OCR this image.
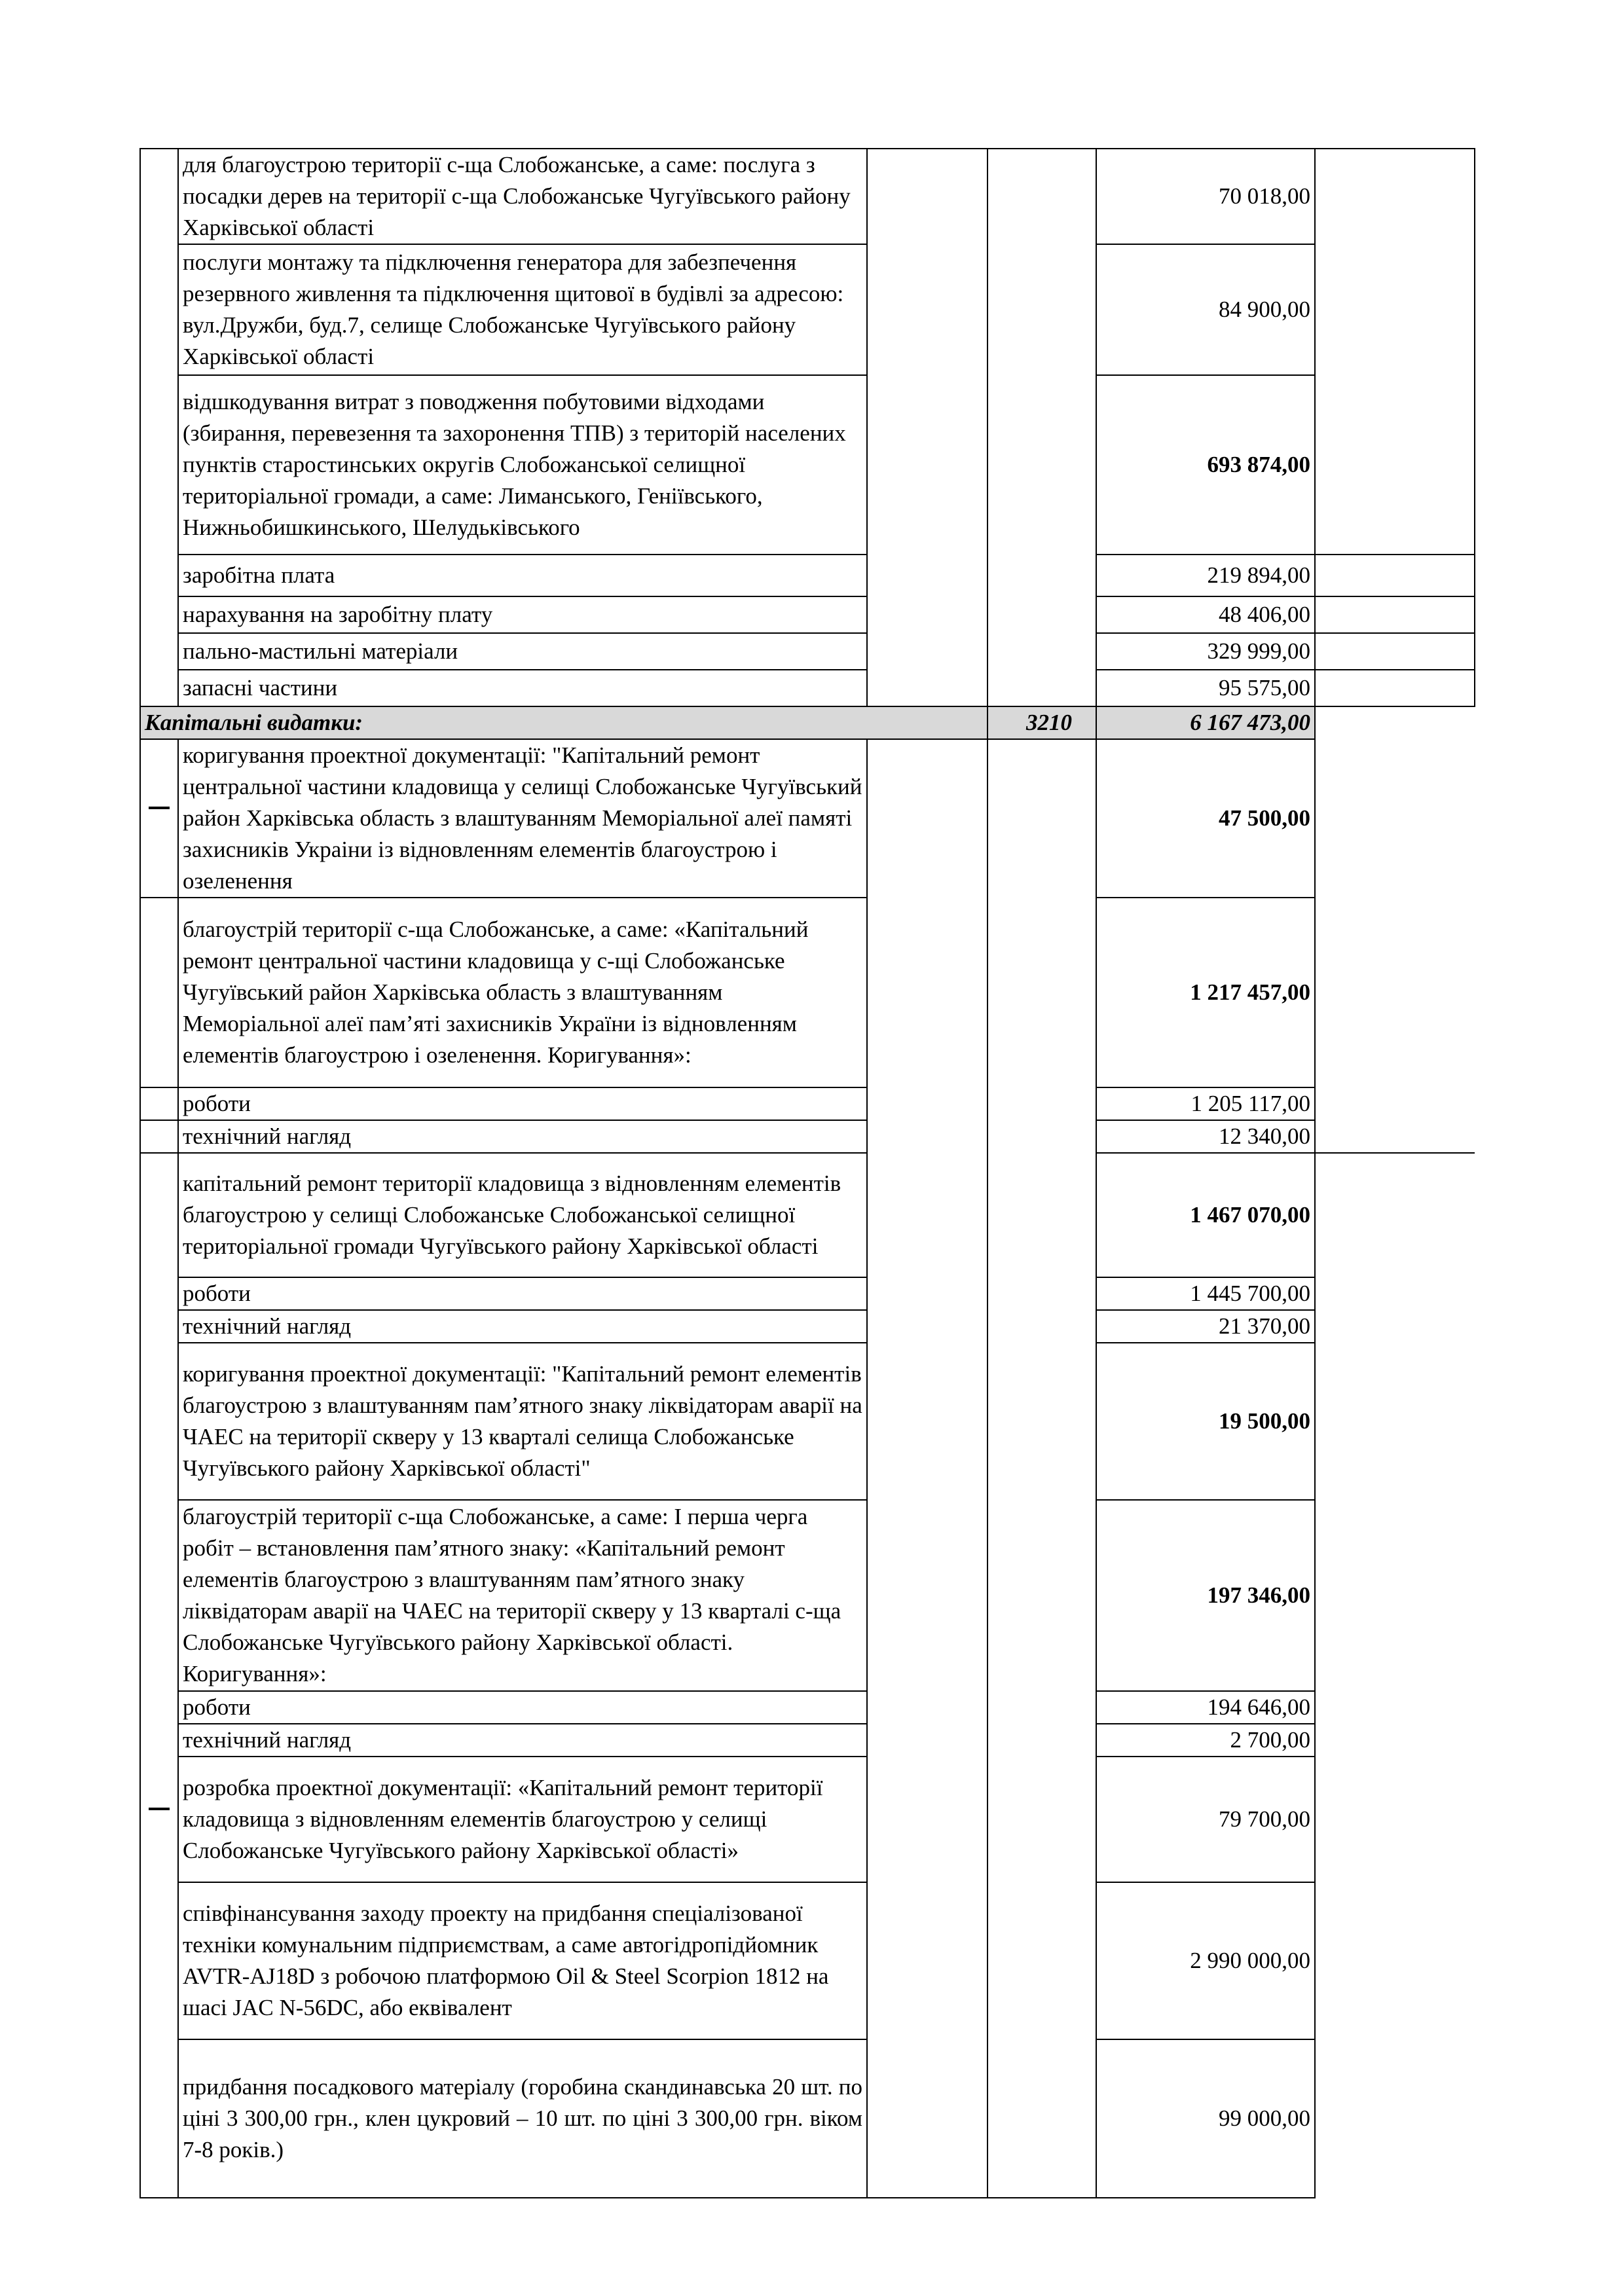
	для благоустрою території с-ща Слобожанське, а саме: послуга з посадки дерев на території с-ща Слобожанське Чугуївського району Харківської області			70 018,00	
	послуги монтажу та підключення генератора для забезпечення резервного живлення та підключення щитової в будівлі за адресою: вул.Дружби, буд.7, селище Слобожанське Чугуївського району Харківської області			84 900,00	
	відшкодування витрат з поводження побутовими відходами (збирання, перевезення та захоронення ТПВ) з територій населених пунктів старостинських округів Слобожанської селищної територіальної громади, а саме: Лиманського, Геніївського, Нижньобишкинського, Шелудьківського			693 874,00	
	заробітна плата			219 894,00	
	нарахування на заробітну плату			48 406,00	
	пально-мастильні матеріали			329 999,00	
	запасні частини			95 575,00	
Капітальні видатки:			3210	6 167 473,00	

	коригування проектної документації: "Капітальний ремонт центральної частини кладовища у селищі Слобожанське Чугуївський район Харківська область з влаштуванням Меморіальної алеї памяті захисників Украіни із відновленням елементів благоустрою і озеленення			47 500,00	
	благоустрій території с-ща Слобожанське, а саме: «Капітальний ремонт центральної частини кладовища у с-щі Слобожанське Чугуївський район Харківська область з влаштуванням Меморіальної алеї пам’яті захисників України із відновленням елементів благоустрою і озеленення. Коригування»:			1 217 457,00	
	роботи			1 205 117,00	
	технічний нагляд			12 340,00	
	капітальний ремонт території кладовища з відновленням елементів благоустрою у селищі Слобожанське Слобожанської селищної територіальної громади Чугуївського району Харківської області			1 467 070,00	
	роботи			1 445 700,00	
	технічний нагляд			21 370,00	
	коригування проектної документації: "Капітальний ремонт елементів благоустрою з влаштуванням пам’ятного знаку ліквідаторам аварії на ЧАЕС на території скверу у 13 кварталі селища Слобожанське Чугуївського району Харківської області"			19 500,00	
	благоустрій території с-ща Слобожанське, а саме: І перша черга робіт – встановлення пам’ятного знаку: «Капітальний ремонт елементів благоустрою з влаштуванням пам’ятного знаку ліквідаторам аварії на ЧАЕС на території скверу у 13 кварталі с-ща Слобожанське Чугуївського району Харківської області. Коригування»:			197 346,00	
	роботи			194 646,00	
	технічний нагляд			2 700,00	

	розробка проектної документації: «Капітальний ремонт території кладовища з відновленням елементів благоустрою у селищі Слобожанське Чугуївського району Харківської області»			79 700,00	
	співфінансування заходу проекту на придбання спеціалізованої техніки комунальним підприємствам, а саме автогідропідйомник AVTR-AJ18D з робочою платформою Oil & Steel Scorpion 1812 на шасі JAC N-56DC, або еквівалент			2 990 000,00	
	придбання посадкового матеріалу (горобина скандинавська 20 шт. по ціні 3 300,00 грн., клен цукровий – 10 шт. по ціні 3 300,00 грн. віком 7-8 років.)			99 000,00	
